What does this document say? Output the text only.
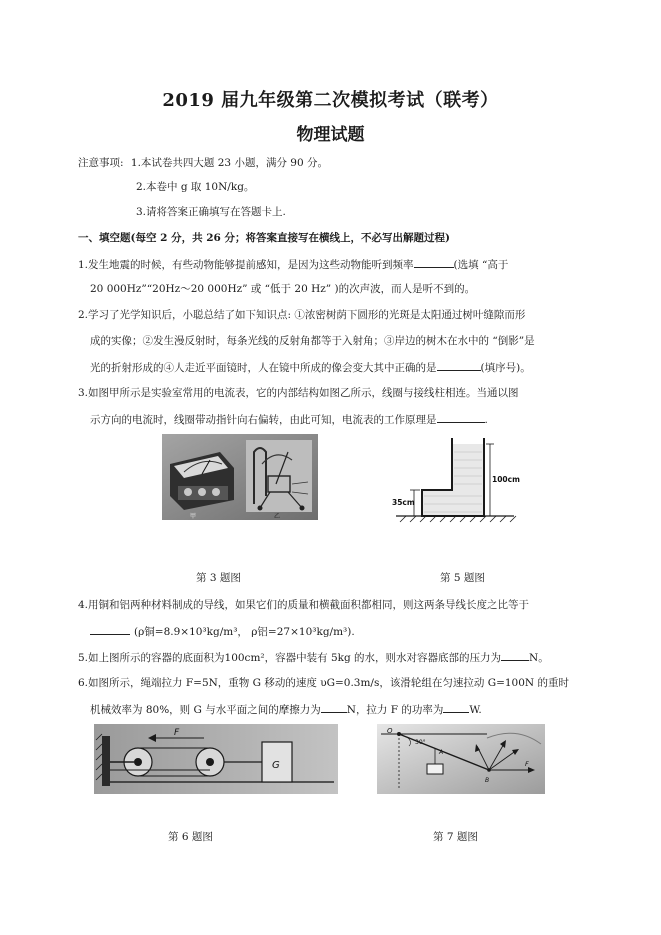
2019 届九年级第二次模拟考试（联考）
物理试题
注意事项: 1.本试卷共四大题 23 小题，满分 90 分。
2.本卷中 g 取 10N/kg。
3.请将答案正确填写在答题卡上.
一、填空题(每空 2 分，共 26 分；将答案直接写在横线上，不必写出解题过程)
1.发生地震的时候，有些动物能够提前感知，是因为这些动物能听到频率	(选填 “高于
20 000Hz”“20Hz～20 000Hz” 或 “低于 20 Hz” )的次声波，而人是听不到的。
2.学习了光学知识后，小聪总结了如下知识点: ①浓密树荫下圆形的光斑是太阳通过树叶缝隙而形
成的实像；②发生漫反射时，每条光线的反射角都等于入射角；③岸边的树木在水中的 “倒影”是
光的折射形成的④人走近平面镜时，人在镜中所成的像会变大其中正确的是	(填序号)。
3.如图甲所示是实验室常用的电流表，它的内部结构如图乙所示，线圈与接线柱相连。当通以图
示方向的电流时，线圈带动指针向右偏转，由此可知，电流表的工作原理是	.
甲	乙
100cm
35cm
第 3 题图	第 5 题图
4.用铜和铝两种材料制成的导线，如果它们的质量和横截面积都相同，则这两条导线长度之比等于
(ρ铜=8.9×10³kg/m³， ρ铝=27×10³kg/m³).
5.如上图所示的容器的底面积为100cm²，容器中装有 5kg 的水，则水对容器底部的压力为	N。
6.如图所示，绳端拉力 F=5N，重物 G 移动的速度 υG=0.3m/s，该滑轮组在匀速拉动 G=100N 的重时
机械效率为 80%，则 G 与水平面之间的摩擦力为 N，拉力 F 的功率为 W.
F
G
O
30°
A
B
F
第 6 题图	第 7 题图
